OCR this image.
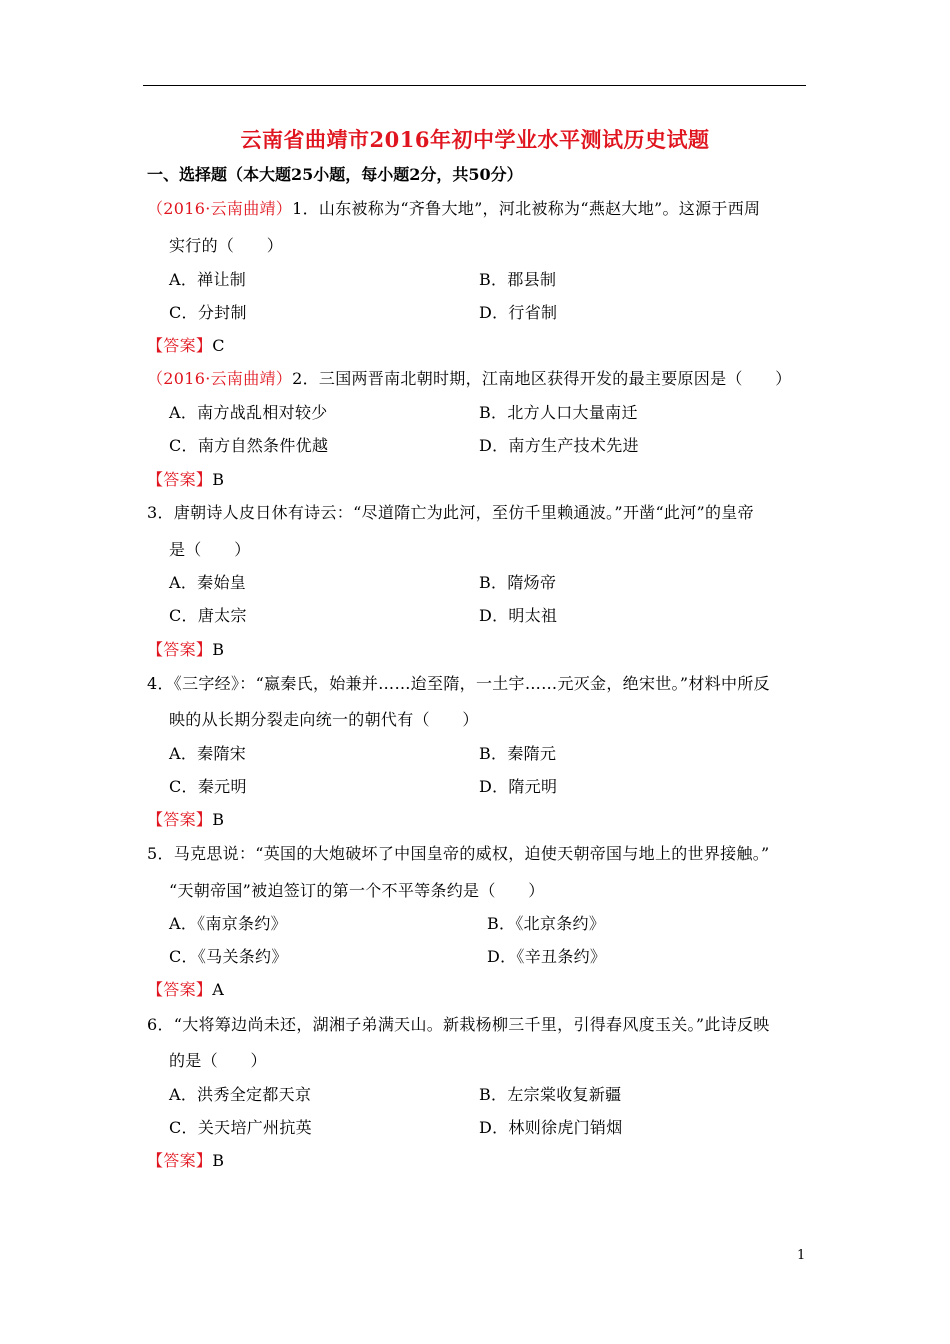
云南省曲靖市2016年初中学业水平测试历史试题
一、选择题（本大题25小题，每小题2分，共50分）
（2016·云南曲靖）1．山东被称为“齐鲁大地”，河北被称为“燕赵大地”。这源于西周
实行的（　　）
A．禅让制	B．郡县制
C．分封制	D．行省制
【答案】C
（2016·云南曲靖）2．三国两晋南北朝时期，江南地区获得开发的最主要原因是（　　）
A．南方战乱相对较少	B．北方人口大量南迁
C．南方自然条件优越	D．南方生产技术先进
【答案】B
3．唐朝诗人皮日休有诗云：“尽道隋亡为此河，至仿千里赖通波。”开凿“此河”的皇帝
是（　　）
A．秦始皇	B．隋炀帝
C．唐太宗	D．明太祖
【答案】B
4．《三字经》：“嬴秦氏，始兼并……迨至隋，一土宇……元灭金，绝宋世。”材料中所反
映的从长期分裂走向统一的朝代有（　　）
A．秦隋宋	B．秦隋元
C．秦元明	D．隋元明
【答案】B
5．马克思说：“英国的大炮破坏了中国皇帝的威权，迫使天朝帝国与地上的世界接触。”
“天朝帝国”被迫签订的第一个不平等条约是（　　）
A．《南京条约》	B．《北京条约》
C．《马关条约》	D．《辛丑条约》
【答案】A
6．“大将筹边尚未还，湖湘子弟满天山。新栽杨柳三千里，引得春风度玉关。”此诗反映
的是（　　）
A．洪秀全定都天京	B．左宗棠收复新疆
C．关天培广州抗英	D．林则徐虎门销烟
【答案】B
1
